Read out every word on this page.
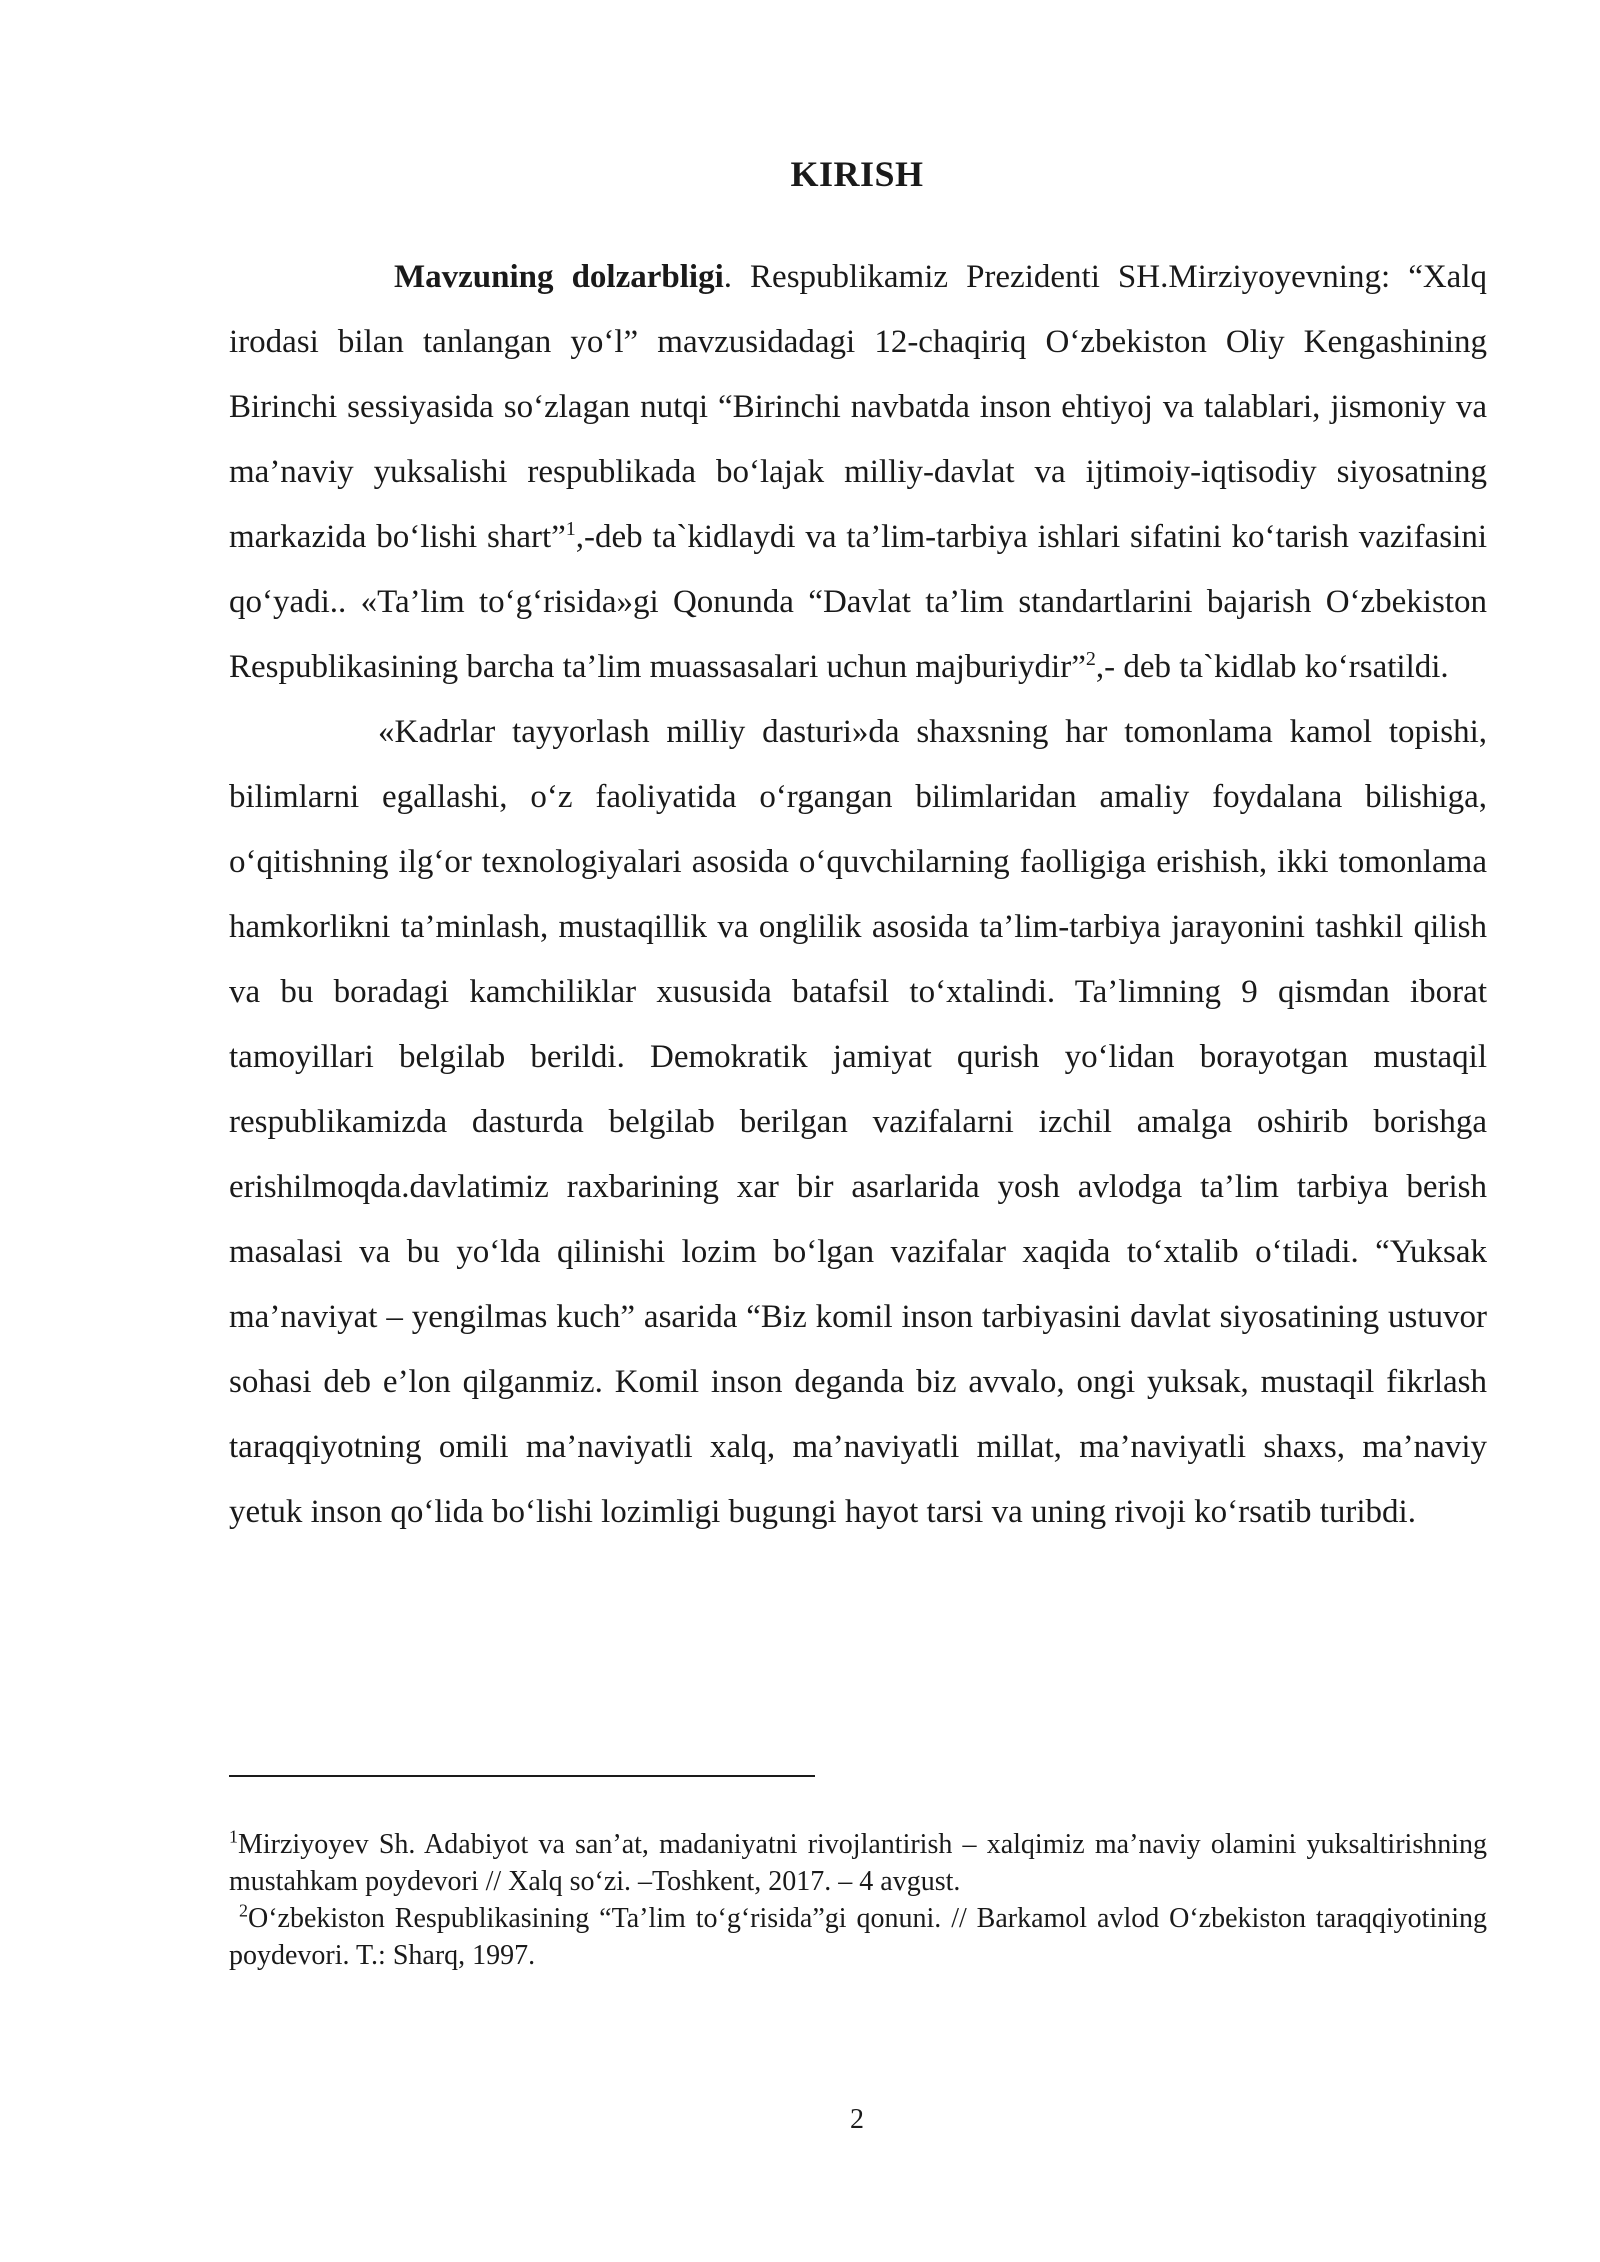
KIRISH

Mavzuning dolzarbligi. Respublikamiz Prezidenti SH.Mirziyoyevning: “Xalq irodasi bilan tanlangan yo‘l” mavzusidadagi 12-chaqiriq O‘zbekiston Oliy Kengashining Birinchi sessiyasida so‘zlagan nutqi “Birinchi navbatda inson ehtiyoj va talablari, jismoniy va ma’naviy yuksalishi respublikada bo‘lajak milliy-davlat va ijtimoiy-iqtisodiy siyosatning markazida bo‘lishi shart”$^1$,-deb ta`kidlaydi va ta’lim-tarbiya ishlari sifatini ko‘tarish vazifasini qo‘yadi.. «Ta’lim to‘g‘risida»gi Qonunda “Davlat ta’lim standartlarini bajarish O‘zbekiston Respublikasining barcha ta’lim muassasalari uchun majburiydir”$^2$,- deb ta`kidlab ko‘rsatildi.

«Kadrlar tayyorlash milliy dasturi»da shaxsning har tomonlama kamol topishi, bilimlarni egallashi, o‘z faoliyatida o‘rgangan bilimlaridan amaliy foydalana bilishiga, o‘qitishning ilg‘or texnologiyalari asosida o‘quvchilarning faolligiga erishish, ikki tomonlama hamkorlikni ta’minlash, mustaqillik va onglilik asosida ta’lim-tarbiya jarayonini tashkil qilish va bu boradagi kamchiliklar xususida batafsil to‘xtalindi. Ta’limning 9 qismdan iborat tamoyillari belgilab berildi. Demokratik jamiyat qurish yo‘lidan borayotgan mustaqil respublikamizda dasturda belgilab berilgan vazifalarni izchil amalga oshirib borishga erishilmoqda.davlatimiz raxbarining xar bir asarlarida yosh avlodga ta’lim tarbiya berish masalasi va bu yo‘lda qilinishi lozim bo‘lgan vazifalar xaqida to‘xtalib o‘tiladi. “Yuksak ma’naviyat – yengilmas kuch” asarida “Biz komil inson tarbiyasini davlat siyosatining ustuvor sohasi deb e’lon qilganmiz. Komil inson deganda biz avvalo, ongi yuksak, mustaqil fikrlash taraqqiyotning omili ma’naviyatli xalq, ma’naviyatli millat, ma’naviyatli shaxs, ma’naviy yetuk inson qo‘lida bo‘lishi lozimligi bugungi hayot tarsi va uning rivoji ko‘rsatib turibdi.

$^1$Mirziyoyev Sh. Adabiyot va san’at, madaniyatni rivojlantirish – xalqimiz ma’naviy olamini yuksaltirishning mustahkam poydevori // Xalq so‘zi. –Toshkent, 2017. – 4 avgust.

$^2$O‘zbekiston Respublikasining “Ta’lim to‘g‘risida”gi qonuni. // Barkamol avlod O‘zbekiston taraqqiyotining poydevori. T.: Sharq, 1997.

2
